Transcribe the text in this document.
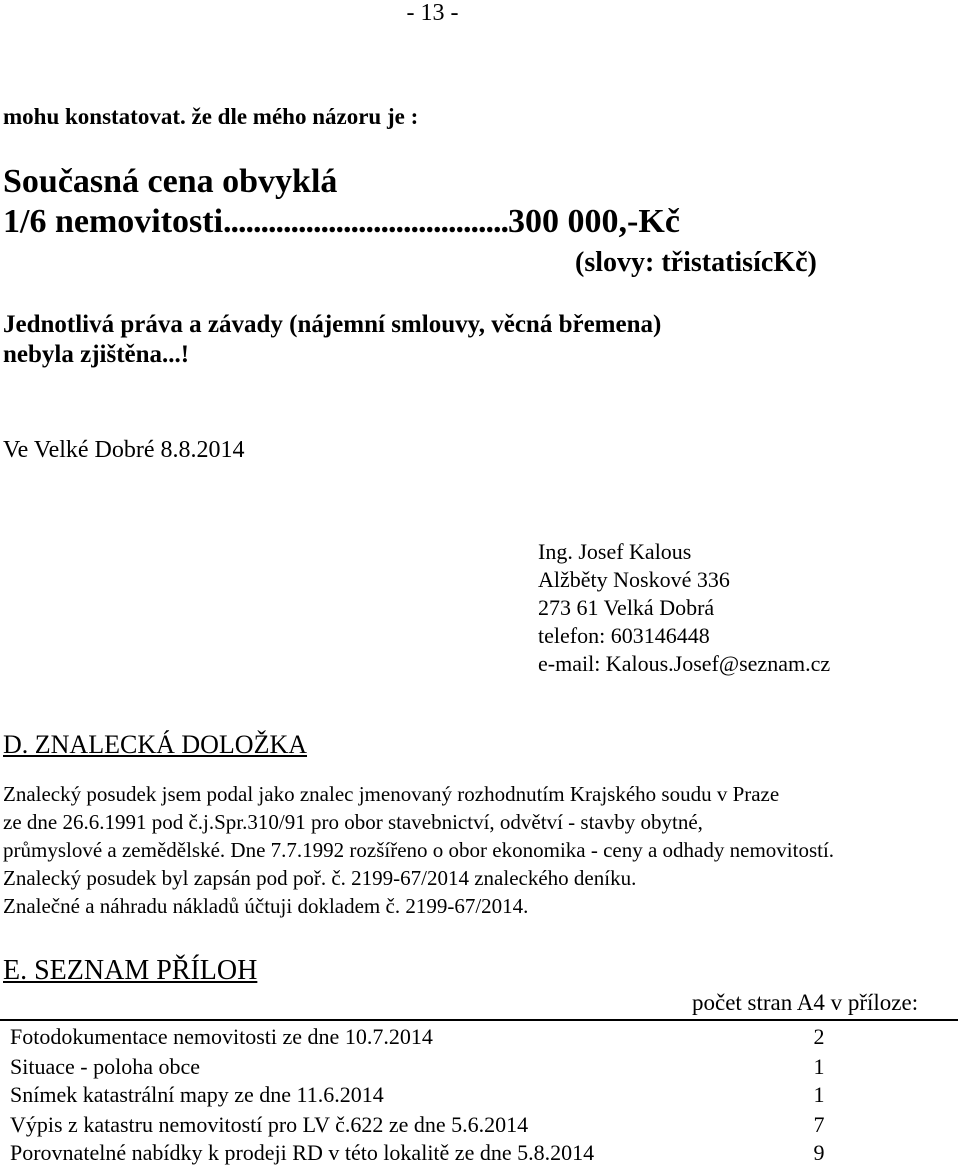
- 13 -
mohu konstatovat. že dle mého názoru je :
Současná cena obvyklá
1/6 nemovitosti......................................300 000,-Kč
(slovy: třistatisícKč)
Jednotlivá práva a závady (nájemní smlouvy, věcná břemena)
nebyla zjištěna...!
Ve Velké Dobré 8.8.2014
Ing. Josef Kalous
Alžběty Noskové 336
273 61 Velká Dobrá
telefon: 603146448
e-mail: Kalous.Josef@seznam.cz
D. ZNALECKÁ DOLOŽKA
Znalecký posudek jsem podal jako znalec jmenovaný rozhodnutím Krajského soudu v Praze
ze dne 26.6.1991 pod č.j.Spr.310/91 pro obor stavebnictví, odvětví - stavby obytné,
průmyslové a zemědělské. Dne 7.7.1992 rozšířeno o obor ekonomika - ceny a odhady nemovitostí.
Znalecký posudek byl zapsán pod poř. č. 2199-67/2014 znaleckého deníku.
Znalečné a náhradu nákladů účtuji dokladem č. 2199-67/2014.
E. SEZNAM PŘÍLOH
počet stran A4 v příloze:
Fotodokumentace nemovitosti ze dne 10.7.2014	2
Situace - poloha obce	1
Snímek katastrální mapy ze dne 11.6.2014	1
Výpis z katastru nemovitostí pro LV č.622 ze dne 5.6.2014	7
Porovnatelné nabídky k prodeji RD v této lokalitě ze dne 5.8.2014	9
